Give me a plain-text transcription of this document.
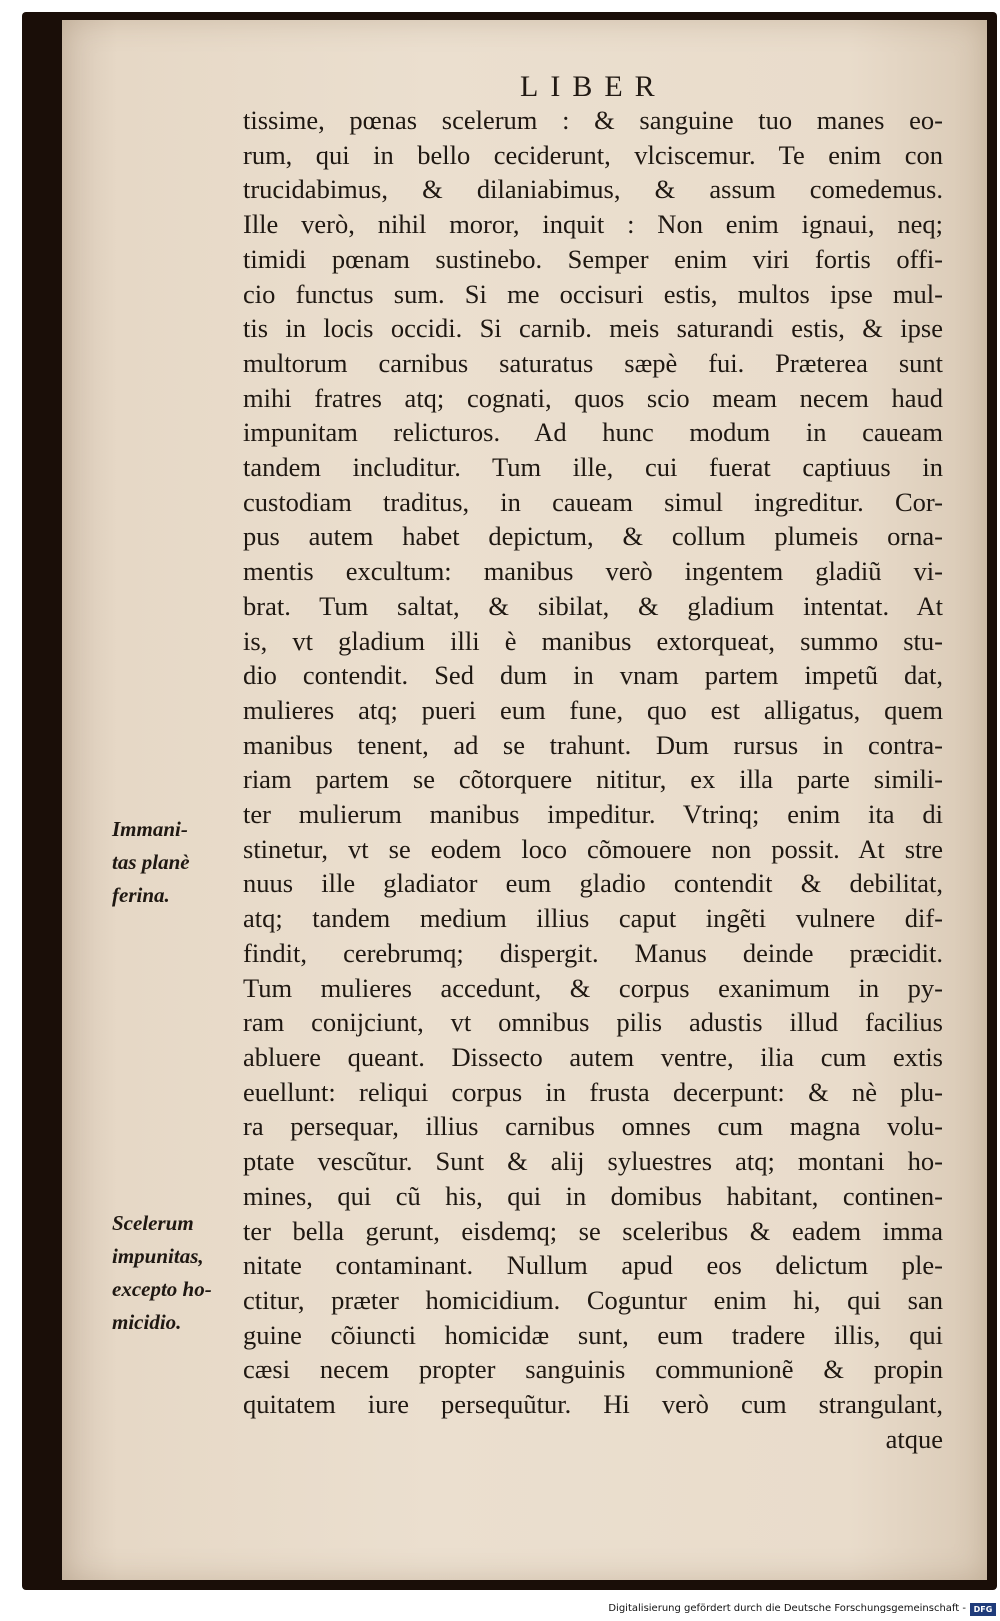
LIBER
tissime, pœnas scelerum : & sanguine tuo manes eo-
rum, qui in bello ceciderunt, vlciscemur. Te enim con
trucidabimus, & dilaniabimus, & assum comedemus.
Ille verò, nihil moror, inquit : Non enim ignaui, neq;
timidi pœnam sustinebo. Semper enim viri fortis offi-
cio functus sum. Si me occisuri estis, multos ipse mul-
tis in locis occidi. Si carnib. meis saturandi estis, & ipse
multorum carnibus saturatus sæpè fui. Præterea sunt
mihi fratres atq; cognati, quos scio meam necem haud
impunitam relicturos. Ad hunc modum in caueam
tandem includitur. Tum ille, cui fuerat captiuus in
custodiam traditus, in caueam simul ingreditur. Cor-
pus autem habet depictum, & collum plumeis orna-
mentis excultum: manibus verò ingentem gladiũ vi-
brat. Tum saltat, & sibilat, & gladium intentat. At
is, vt gladium illi è manibus extorqueat, summo stu-
dio contendit. Sed dum in vnam partem impetũ dat,
mulieres atq; pueri eum fune, quo est alligatus, quem
manibus tenent, ad se trahunt. Dum rursus in contra-
riam partem se cõtorquere nititur, ex illa parte simili-
ter mulierum manibus impeditur. Vtrinq; enim ita di
stinetur, vt se eodem loco cõmouere non possit. At stre
nuus ille gladiator eum gladio contendit & debilitat,
atq; tandem medium illius caput ingẽti vulnere dif-
findit, cerebrumq; dispergit. Manus deinde præcidit.
Tum mulieres accedunt, & corpus exanimum in py-
ram conijciunt, vt omnibus pilis adustis illud facilius
abluere queant. Dissecto autem ventre, ilia cum extis
euellunt: reliqui corpus in frusta decerpunt: & nè plu-
ra persequar, illius carnibus omnes cum magna volu-
ptate vescũtur. Sunt & alij syluestres atq; montani ho-
mines, qui cũ his, qui in domibus habitant, continen-
ter bella gerunt, eisdemq; se sceleribus & eadem imma
nitate contaminant. Nullum apud eos delictum ple-
ctitur, præter homicidium. Coguntur enim hi, qui san
guine cõiuncti homicidæ sunt, eum tradere illis, qui
cæsi necem propter sanguinis communionẽ & propin
quitatem iure persequũtur. Hi verò cum strangulant,
atque
Immani-
tas planè
ferina.
Scelerum
impunitas,
excepto ho-
micidio.
Digitalisierung gefördert durch die Deutsche Forschungsgemeinschaft - DFG
